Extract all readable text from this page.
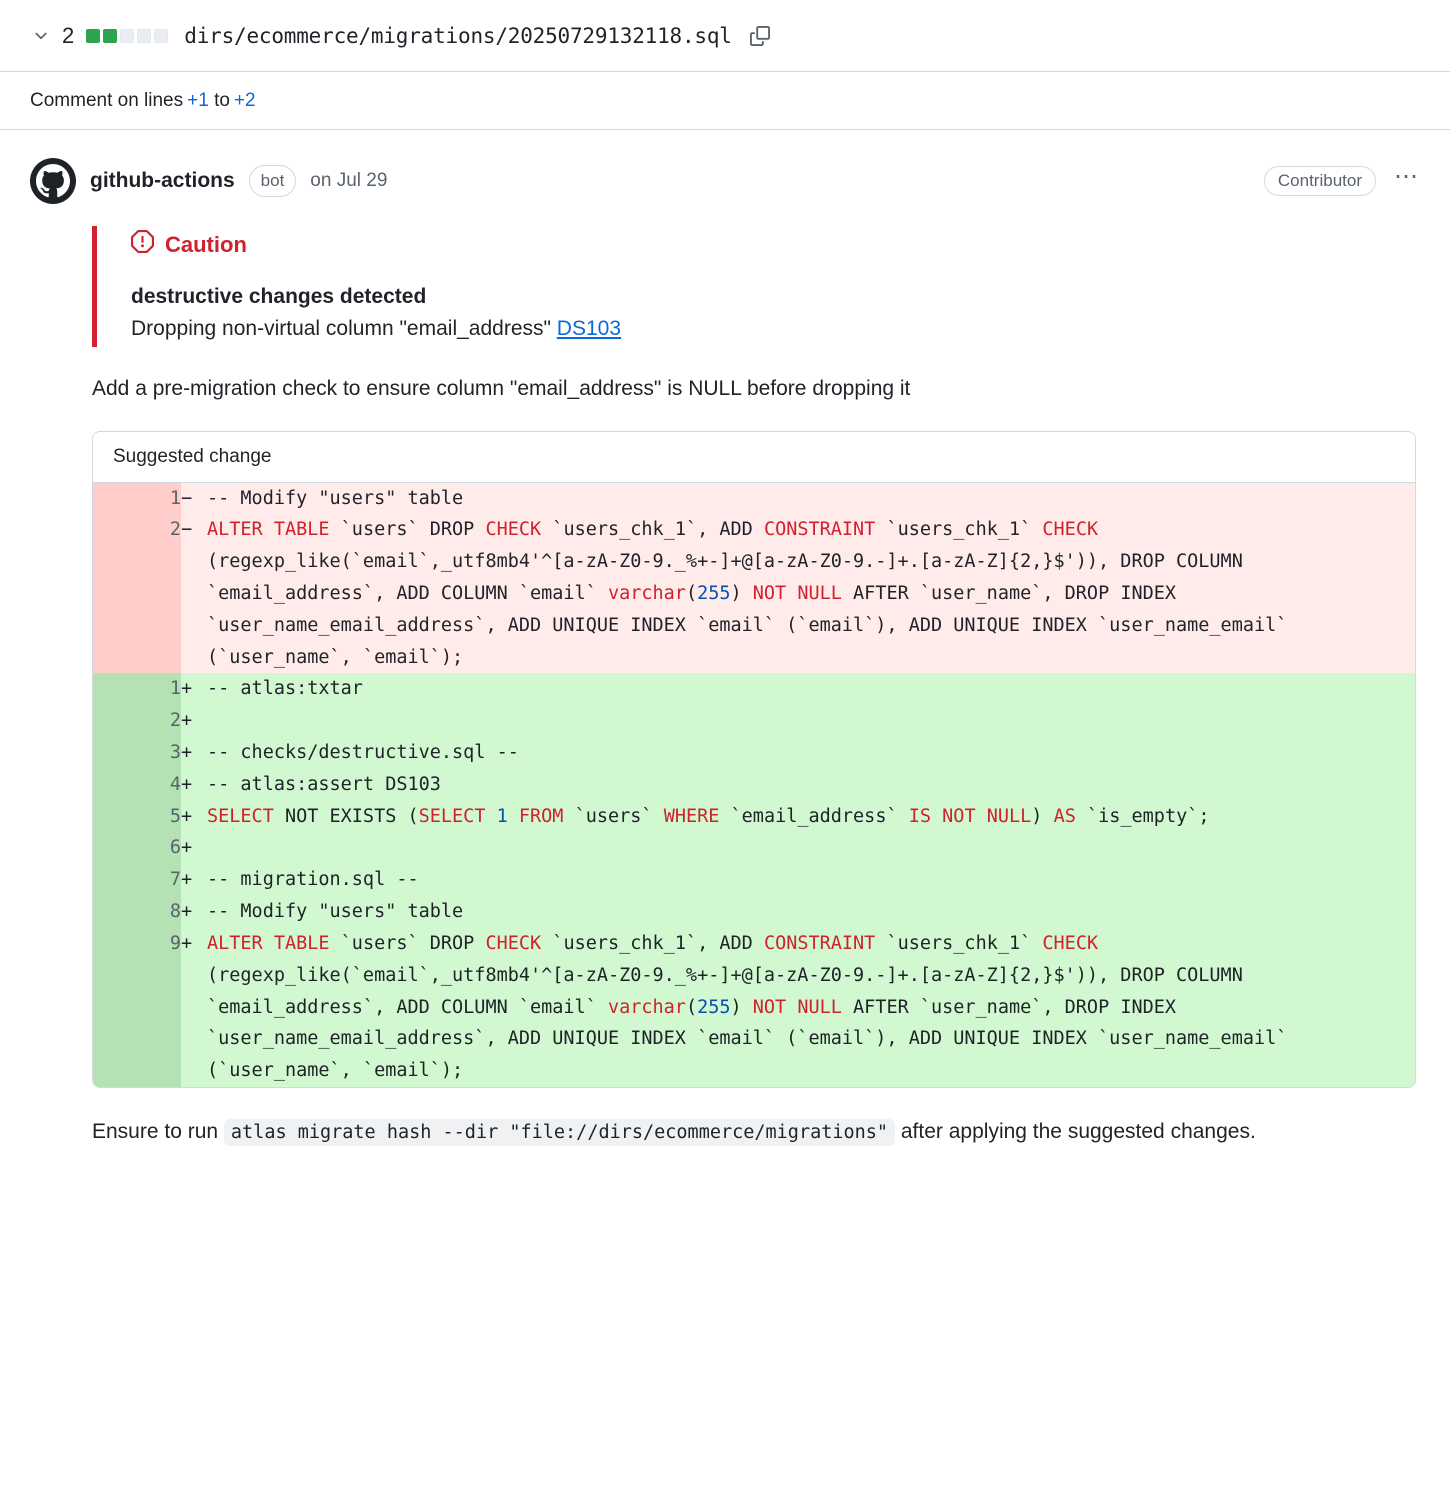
2	dirs/ecommerce/migrations/20250729132118.sql
Comment on lines +1
to +2
github-actions	bot	on Jul 29	Contributor	⋯
Caution
destructive changes detected
Dropping non-virtual column "email_address" DS103

Add a pre-migration check to ensure column "email_address" is NULL before dropping it

Suggested change
1	−	-- Modify "users" table
2	−	ALTER TABLE `users` DROP CHECK `users_chk_1`, ADD CONSTRAINT `users_chk_1` CHECK (regexp_like(`email`,_utf8mb4'^[a-zA-Z0-9._%+-]+@[a-zA-Z0-9.-]+.[a-zA-Z]{2,}$')), DROP COLUMN `email_address`, ADD COLUMN `email` varchar(255) NOT NULL AFTER `user_name`, DROP INDEX `user_name_email_address`, ADD UNIQUE INDEX `email` (`email`), ADD UNIQUE INDEX `user_name_email` (`user_name`, `email`);
1	+	-- atlas:txtar
2	+	
3	+	-- checks/destructive.sql --
4	+	-- atlas:assert DS103
5	+	SELECT NOT EXISTS (SELECT 1 FROM `users` WHERE `email_address` IS NOT NULL) AS `is_empty`;
6	+	
7	+	-- migration.sql --
8	+	-- Modify "users" table
9	+	ALTER TABLE `users` DROP CHECK `users_chk_1`, ADD CONSTRAINT `users_chk_1` CHECK (regexp_like(`email`,_utf8mb4'^[a-zA-Z0-9._%+-]+@[a-zA-Z0-9.-]+.[a-zA-Z]{2,}$')), DROP COLUMN `email_address`, ADD COLUMN `email` varchar(255) NOT NULL AFTER `user_name`, DROP INDEX `user_name_email_address`, ADD UNIQUE INDEX `email` (`email`), ADD UNIQUE INDEX `user_name_email` (`user_name`, `email`);

Ensure to run atlas migrate hash --dir "file://dirs/ecommerce/migrations" after applying the suggested changes.
